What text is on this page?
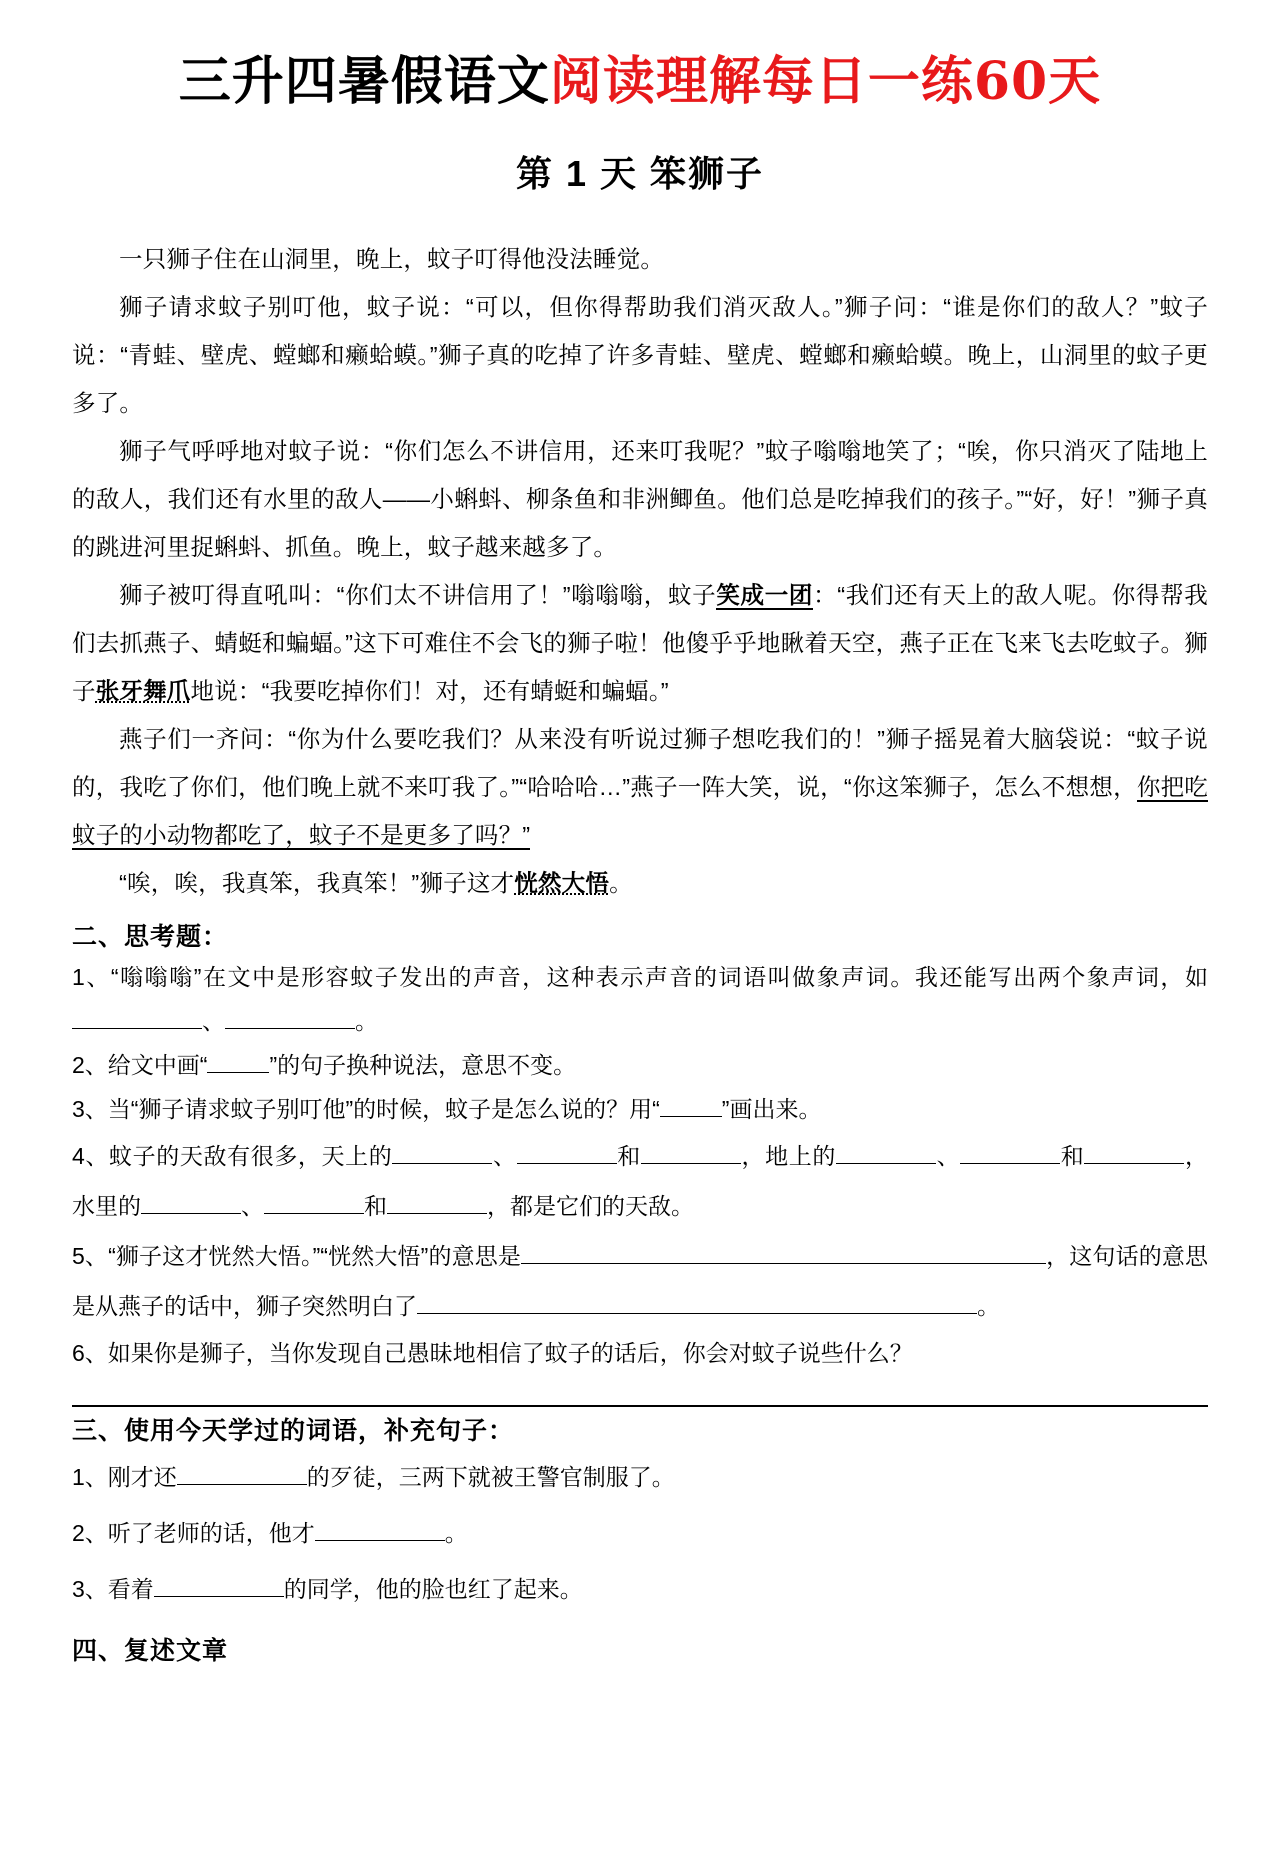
三升四暑假语文阅读理解每日一练60天
第 1 天 笨狮子

一只狮子住在山洞里，晚上，蚊子叮得他没法睡觉。

狮子请求蚊子别叮他，蚊子说：“可以，但你得帮助我们消灭敌人。”狮子问：“谁是你们的敌人？”蚊子说：“青蛙、壁虎、螳螂和癞蛤蟆。”狮子真的吃掉了许多青蛙、壁虎、螳螂和癞蛤蟆。晚上，山洞里的蚊子更多了。

狮子气呼呼地对蚊子说：“你们怎么不讲信用，还来叮我呢？”蚊子嗡嗡地笑了；“唉，你只消灭了陆地上的敌人，我们还有水里的敌人——小蝌蚪、柳条鱼和非洲鲫鱼。他们总是吃掉我们的孩子。”“好，好！”狮子真的跳进河里捉蝌蚪、抓鱼。晚上，蚊子越来越多了。

狮子被叮得直吼叫：“你们太不讲信用了！”嗡嗡嗡，蚊子笑成一团：“我们还有天上的敌人呢。你得帮我们去抓燕子、蜻蜓和蝙蝠。”这下可难住不会飞的狮子啦！他傻乎乎地瞅着天空，燕子正在飞来飞去吃蚊子。狮子张牙舞爪地说：“我要吃掉你们！对，还有蜻蜓和蝙蝠。”

燕子们一齐问：“你为什么要吃我们？从来没有听说过狮子想吃我们的！”狮子摇晃着大脑袋说：“蚊子说的，我吃了你们，他们晚上就不来叮我了。”“哈哈哈…”燕子一阵大笑，说，“你这笨狮子，怎么不想想，你把吃蚊子的小动物都吃了，蚊子不是更多了吗？”

“唉，唉，我真笨，我真笨！”狮子这才恍然大悟。

二、思考题：

1、“嗡嗡嗡”在文中是形容蚊子发出的声音，这种表示声音的词语叫做象声词。我还能写出两个象声词，如、	。

2、给文中画“	”的句子换种说法，意思不变。

3、当“狮子请求蚊子别叮他”的时候，蚊子是怎么说的？用“	”画出来。

4、蚊子的天敌有很多，天上的	、	和	，地上的	、	和	，水里的	、	和	，都是它们的天敌。

5、“狮子这才恍然大悟。”“恍然大悟”的意思是	，这句话的意思是从燕子的话中，狮子突然明白了	。

6、如果你是狮子，当你发现自己愚昧地相信了蚊子的话后，你会对蚊子说些什么？

三、使用今天学过的词语，补充句子：

1、刚才还	的歹徒，三两下就被王警官制服了。

2、听了老师的话，他才	。

3、看着	的同学，他的脸也红了起来。

四、复述文章
